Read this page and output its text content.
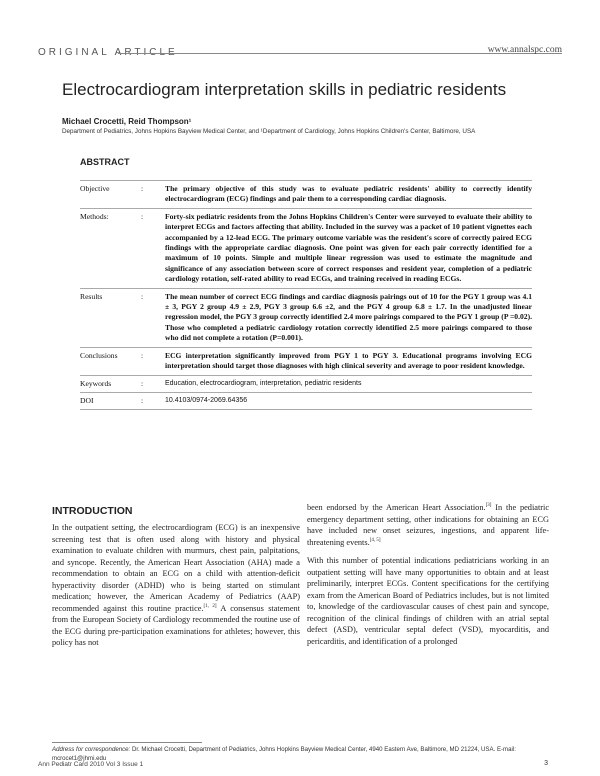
ORIGINAL ARTICLE	www.annalspc.com
Electrocardiogram interpretation skills in pediatric residents
Michael Crocetti, Reid Thompson¹
Department of Pediatrics, Johns Hopkins Bayview Medical Center, and ¹Department of Cardiology, Johns Hopkins Children's Center, Baltimore, USA
ABSTRACT
Objective	:	The primary objective of this study was to evaluate pediatric residents' ability to correctly identify electrocardiogram (ECG) findings and pair them to a corresponding cardiac diagnosis.
Methods:	:	Forty-six pediatric residents from the Johns Hopkins Children's Center were surveyed to evaluate their ability to interpret ECGs and factors affecting that ability. Included in the survey was a packet of 10 patient vignettes each accompanied by a 12-lead ECG. The primary outcome variable was the resident's score of correctly paired ECG findings with the appropriate cardiac diagnosis. One point was given for each pair correctly identified for a maximum of 10 points. Simple and multiple linear regression was used to estimate the magnitude and significance of any association between score of correct responses and resident year, completion of a pediatric cardiology rotation, self-rated ability to read ECGs, and training received in reading ECGs.
Results	:	The mean number of correct ECG findings and cardiac diagnosis pairings out of 10 for the PGY 1 group was 4.1 ± 3, PGY 2 group 4.9 ± 2.9, PGY 3 group 6.6 ±2, and the PGY 4 group 6.8 ± 1.7. In the unadjusted linear regression model, the PGY 3 group correctly identified 2.4 more pairings compared to the PGY 1 group (P =0.02). Those who completed a pediatric cardiology rotation correctly identified 2.5 more pairings compared to those who did not complete a rotation (P=0.001).
Conclusions	:	ECG interpretation significantly improved from PGY 1 to PGY 3. Educational programs involving ECG interpretation should target those diagnoses with high clinical severity and average to poor resident knowledge.
Keywords	:	Education, electrocardiogram, interpretation, pediatric residents
DOI	:	10.4103/0974-2069.64356
INTRODUCTION

In the outpatient setting, the electrocardiogram (ECG) is an inexpensive screening test that is often used along with history and physical examination to evaluate children with murmurs, chest pain, palpitations, and syncope. Recently, the American Heart Association (AHA) made a recommendation to obtain an ECG on a child with attention-deficit hyperactivity disorder (ADHD) who is being started on stimulant medication; however, the American Academy of Pediatrics (AAP) recommended against this routine practice.[1, 2] A consensus statement from the European Society of Cardiology recommended the routine use of the ECG during pre-participation examinations for athletes; however, this policy has not

been endorsed by the American Heart Association.[3] In the pediatric emergency department setting, other indications for obtaining an ECG have included new onset seizures, ingestions, and apparent life-threatening events.[4, 5]

With this number of potential indications pediatricians working in an outpatient setting will have many opportunities to obtain and at least preliminarily, interpret ECGs. Content specifications for the certifying exam from the American Board of Pediatrics includes, but is not limited to, knowledge of the cardiovascular causes of chest pain and syncope, recognition of the clinical findings of children with an atrial septal defect (ASD), ventricular septal defect (VSD), myocarditis, and pericarditis, and identification of a prolonged

Address for correspondence: Dr. Michael Crocetti, Department of Pediatrics, Johns Hopkins Bayview Medical Center, 4940 Eastern Ave, Baltimore, MD 21224, USA. E-mail: mcrocet1@jhmi.edu
Ann Pediatr Card 2010 Vol 3 Issue 1	3
